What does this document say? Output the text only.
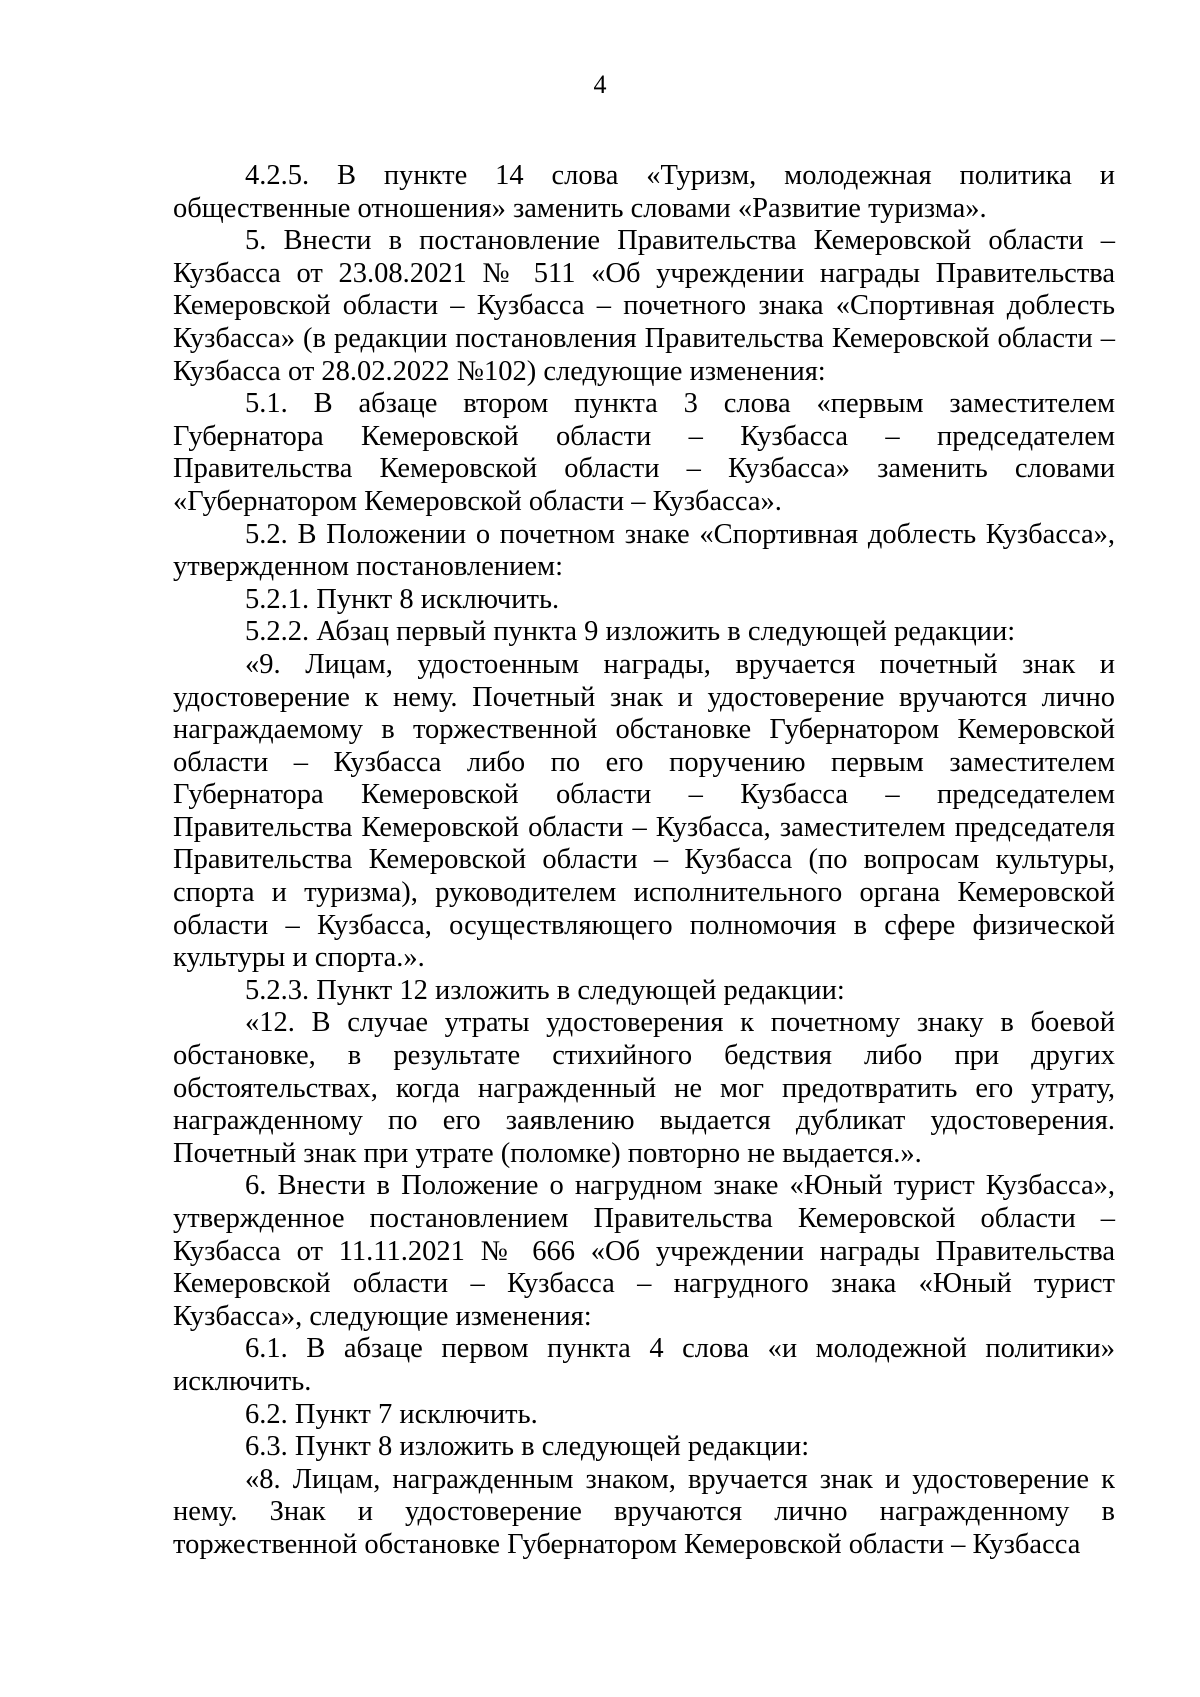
4

4.2.5. В пункте 14 слова «Туризм, молодежная политика и общественные отношения» заменить словами «Развитие туризма».

5. Внести в постановление Правительства Кемеровской области – Кузбасса от 23.08.2021 № 511 «Об учреждении награды Правительства Кемеровской области – Кузбасса – почетного знака «Спортивная доблесть Кузбасса» (в редакции постановления Правительства Кемеровской области – Кузбасса от 28.02.2022 №102) следующие изменения:

5.1. В абзаце втором пункта 3 слова «первым заместителем Губернатора Кемеровской области – Кузбасса – председателем Правительства Кемеровской области – Кузбасса» заменить словами «Губернатором Кемеровской области – Кузбасса».

5.2. В Положении о почетном знаке «Спортивная доблесть Кузбасса», утвержденном постановлением:

5.2.1. Пункт 8 исключить.

5.2.2. Абзац первый пункта 9 изложить в следующей редакции:

«9. Лицам, удостоенным награды, вручается почетный знак и удостоверение к нему. Почетный знак и удостоверение вручаются лично награждаемому в торжественной обстановке Губернатором Кемеровской области – Кузбасса либо по его поручению первым заместителем Губернатора Кемеровской области – Кузбасса – председателем Правительства Кемеровской области – Кузбасса, заместителем председателя Правительства Кемеровской области – Кузбасса (по вопросам культуры, спорта и туризма), руководителем исполнительного органа Кемеровской области – Кузбасса, осуществляющего полномочия в сфере физической культуры и спорта.».

5.2.3. Пункт 12 изложить в следующей редакции:

«12. В случае утраты удостоверения к почетному знаку в боевой обстановке, в результате стихийного бедствия либо при других обстоятельствах, когда награжденный не мог предотвратить его утрату, награжденному по его заявлению выдается дубликат удостоверения. Почетный знак при утрате (поломке) повторно не выдается.».

6. Внести в Положение о нагрудном знаке «Юный турист Кузбасса», утвержденное постановлением Правительства Кемеровской области – Кузбасса от 11.11.2021 № 666 «Об учреждении награды Правительства Кемеровской области – Кузбасса – нагрудного знака «Юный турист Кузбасса», следующие изменения:

6.1. В абзаце первом пункта 4 слова «и молодежной политики» исключить.

6.2. Пункт 7 исключить.

6.3. Пункт 8 изложить в следующей редакции:

«8. Лицам, награжденным знаком, вручается знак и удостоверение к нему. Знак и удостоверение вручаются лично награжденному в торжественной обстановке Губернатором Кемеровской области – Кузбасса
